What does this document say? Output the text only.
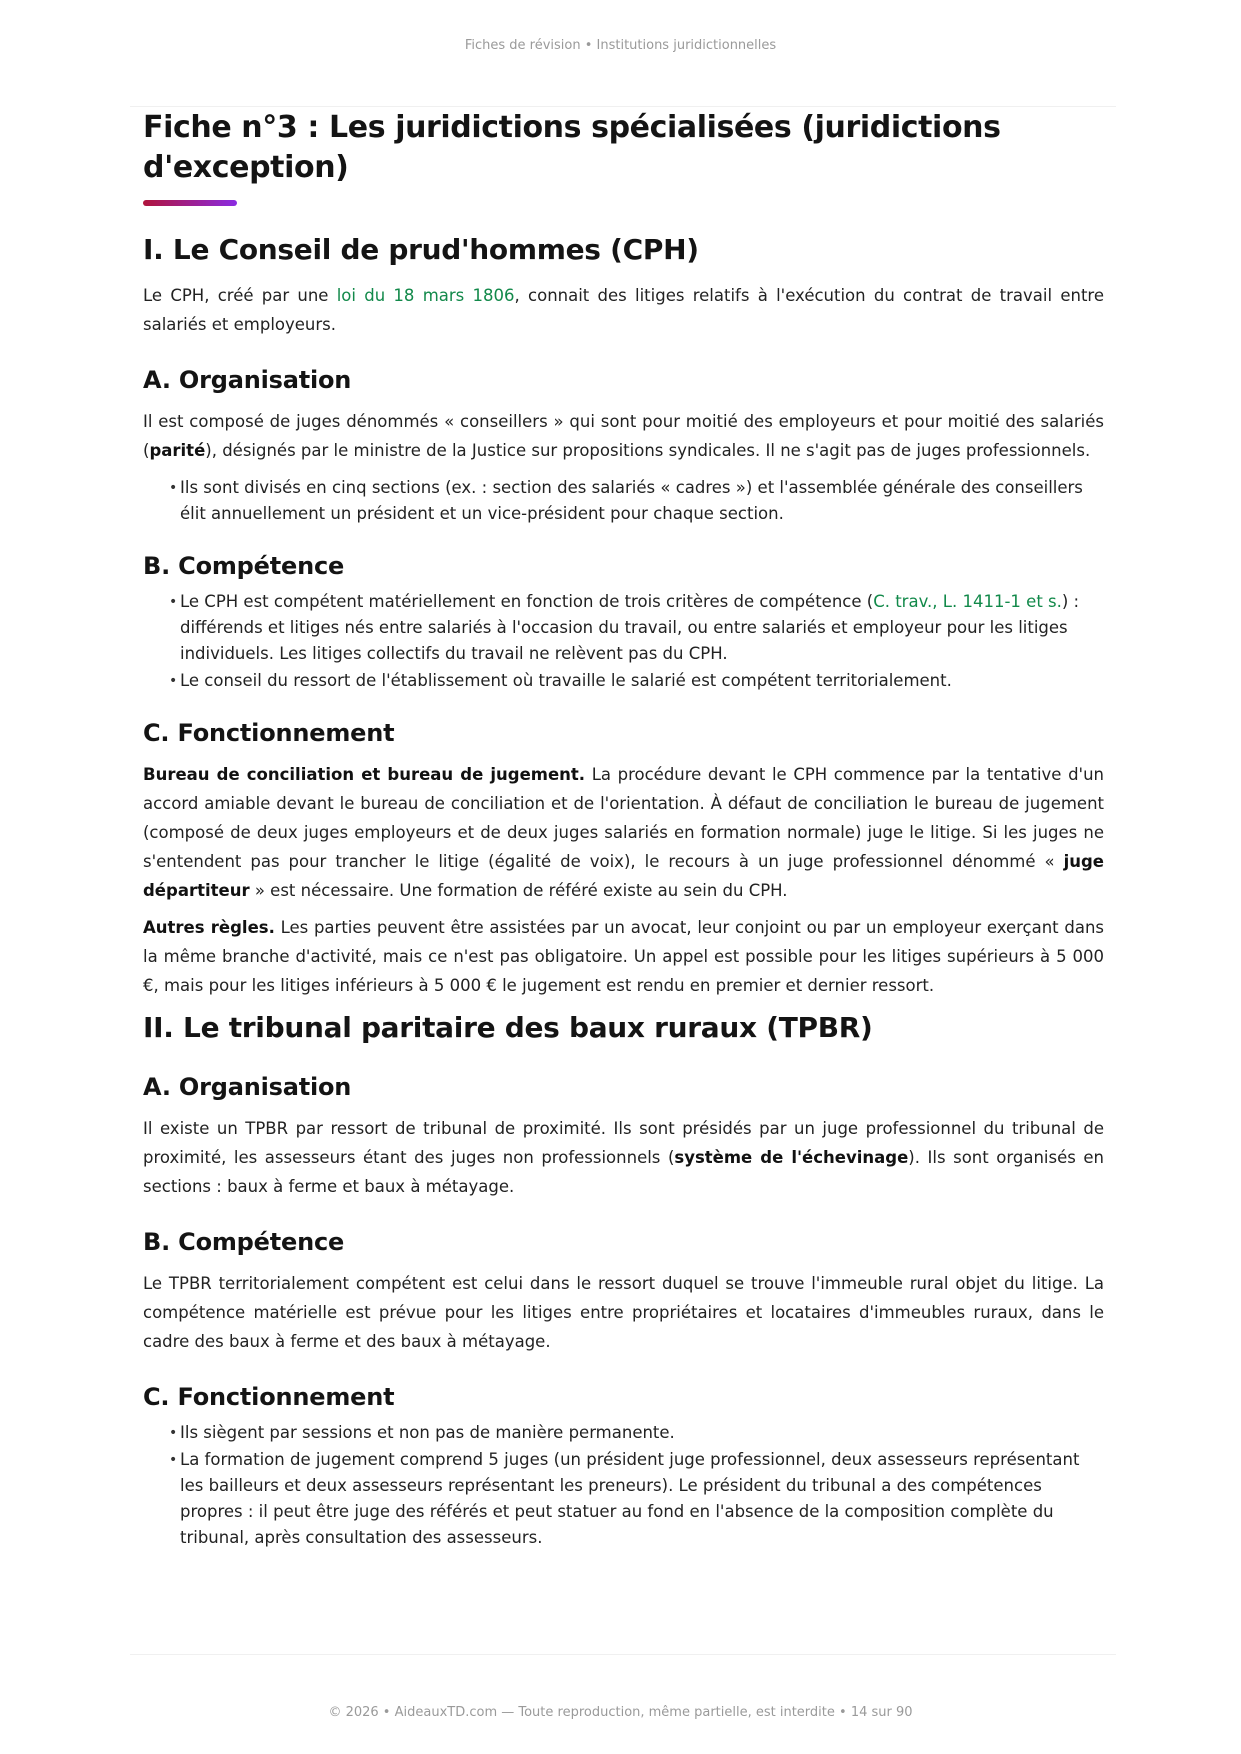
Fiches de révision • Institutions juridictionnelles
Fiche n°3 : Les juridictions spécialisées (juridictions d'exception)
I. Le Conseil de prud'hommes (CPH)

Le CPH, créé par une loi du 18 mars 1806, connait des litiges relatifs à l'exécution du contrat de travail entre salariés et employeurs.

A. Organisation

Il est composé de juges dénommés « conseillers » qui sont pour moitié des employeurs et pour moitié des salariés (parité), désignés par le ministre de la Justice sur propositions syndicales. Il ne s'agit pas de juges professionnels.

• Ils sont divisés en cinq sections (ex. : section des salariés « cadres ») et l'assemblée générale des conseillers élit annuellement un président et un vice-président pour chaque section.
B. Compétence
• Le CPH est compétent matériellement en fonction de trois critères de compétence (C. trav., L. 1411-1 et s.) : différends et litiges nés entre salariés à l'occasion du travail, ou entre salariés et employeur pour les litiges individuels. Les litiges collectifs du travail ne relèvent pas du CPH.
• Le conseil du ressort de l'établissement où travaille le salarié est compétent territorialement.
C. Fonctionnement

Bureau de conciliation et bureau de jugement. La procédure devant le CPH commence par la tentative d'un accord amiable devant le bureau de conciliation et de l'orientation. À défaut de conciliation le bureau de jugement (composé de deux juges employeurs et de deux juges salariés en formation normale) juge le litige. Si les juges ne s'entendent pas pour trancher le litige (égalité de voix), le recours à un juge professionnel dénommé « juge départiteur » est nécessaire. Une formation de référé existe au sein du CPH.

Autres règles. Les parties peuvent être assistées par un avocat, leur conjoint ou par un employeur exerçant dans la même branche d'activité, mais ce n'est pas obligatoire. Un appel est possible pour les litiges supérieurs à 5 000 €, mais pour les litiges inférieurs à 5 000 € le jugement est rendu en premier et dernier ressort.

II. Le tribunal paritaire des baux ruraux (TPBR)
A. Organisation

Il existe un TPBR par ressort de tribunal de proximité. Ils sont présidés par un juge professionnel du tribunal de proximité, les assesseurs étant des juges non professionnels (système de l'échevinage). Ils sont organisés en sections : baux à ferme et baux à métayage.

B. Compétence

Le TPBR territorialement compétent est celui dans le ressort duquel se trouve l'immeuble rural objet du litige. La compétence matérielle est prévue pour les litiges entre propriétaires et locataires d'immeubles ruraux, dans le cadre des baux à ferme et des baux à métayage.

C. Fonctionnement
• Ils siègent par sessions et non pas de manière permanente.
• La formation de jugement comprend 5 juges (un président juge professionnel, deux assesseurs représentant les bailleurs et deux assesseurs représentant les preneurs). Le président du tribunal a des compétences propres : il peut être juge des référés et peut statuer au fond en l'absence de la composition complète du tribunal, après consultation des assesseurs.
© 2026 • AideauxTD.com — Toute reproduction, même partielle, est interdite • 14 sur 90
